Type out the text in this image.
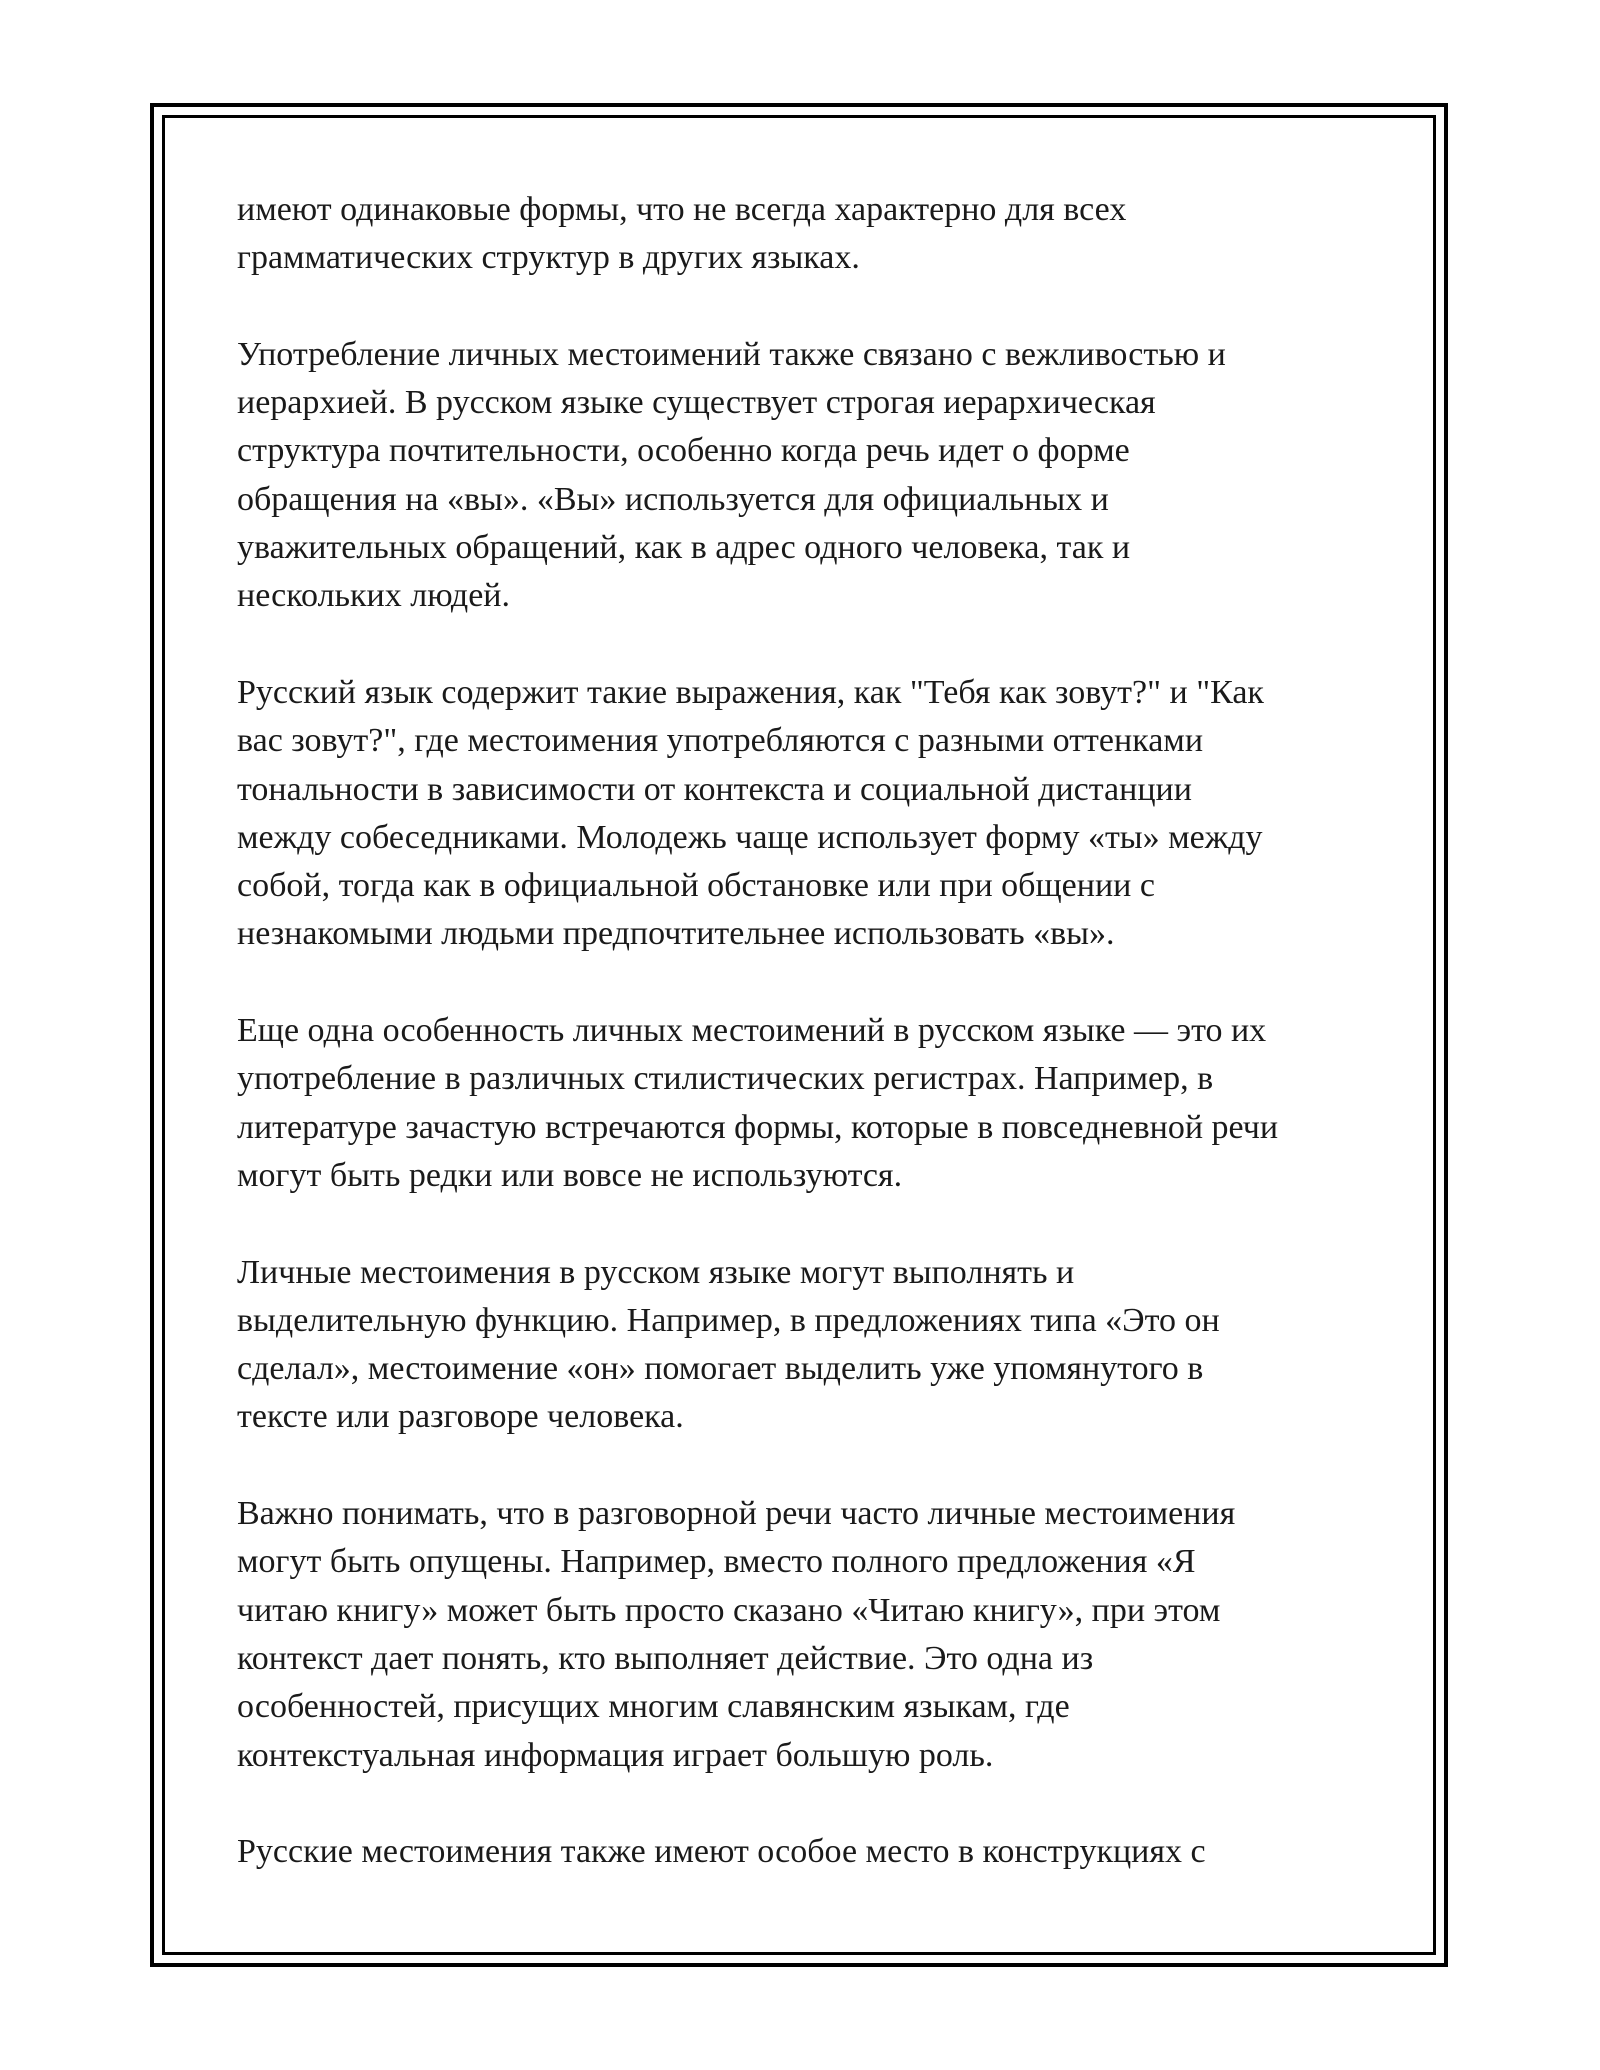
имеют одинаковые формы, что не всегда характерно для всех
грамматических структур в других языках.

Употребление личных местоимений также связано с вежливостью и
иерархией. В русском языке существует строгая иерархическая
структура почтительности, особенно когда речь идет о форме
обращения на «вы». «Вы» используется для официальных и
уважительных обращений, как в адрес одного человека, так и
нескольких людей.

Русский язык содержит такие выражения, как "Тебя как зовут?" и "Как
вас зовут?", где местоимения употребляются с разными оттенками
тональности в зависимости от контекста и социальной дистанции
между собеседниками. Молодежь чаще использует форму «ты» между
собой, тогда как в официальной обстановке или при общении с
незнакомыми людьми предпочтительнее использовать «вы».

Еще одна особенность личных местоимений в русском языке — это их
употребление в различных стилистических регистрах. Например, в
литературе зачастую встречаются формы, которые в повседневной речи
могут быть редки или вовсе не используются.

Личные местоимения в русском языке могут выполнять и
выделительную функцию. Например, в предложениях типа «Это он
сделал», местоимение «он» помогает выделить уже упомянутого в
тексте или разговоре человека.

Важно понимать, что в разговорной речи часто личные местоимения
могут быть опущены. Например, вместо полного предложения «Я
читаю книгу» может быть просто сказано «Читаю книгу», при этом
контекст дает понять, кто выполняет действие. Это одна из
особенностей, присущих многим славянским языкам, где
контекстуальная информация играет большую роль.

Русские местоимения также имеют особое место в конструкциях с
